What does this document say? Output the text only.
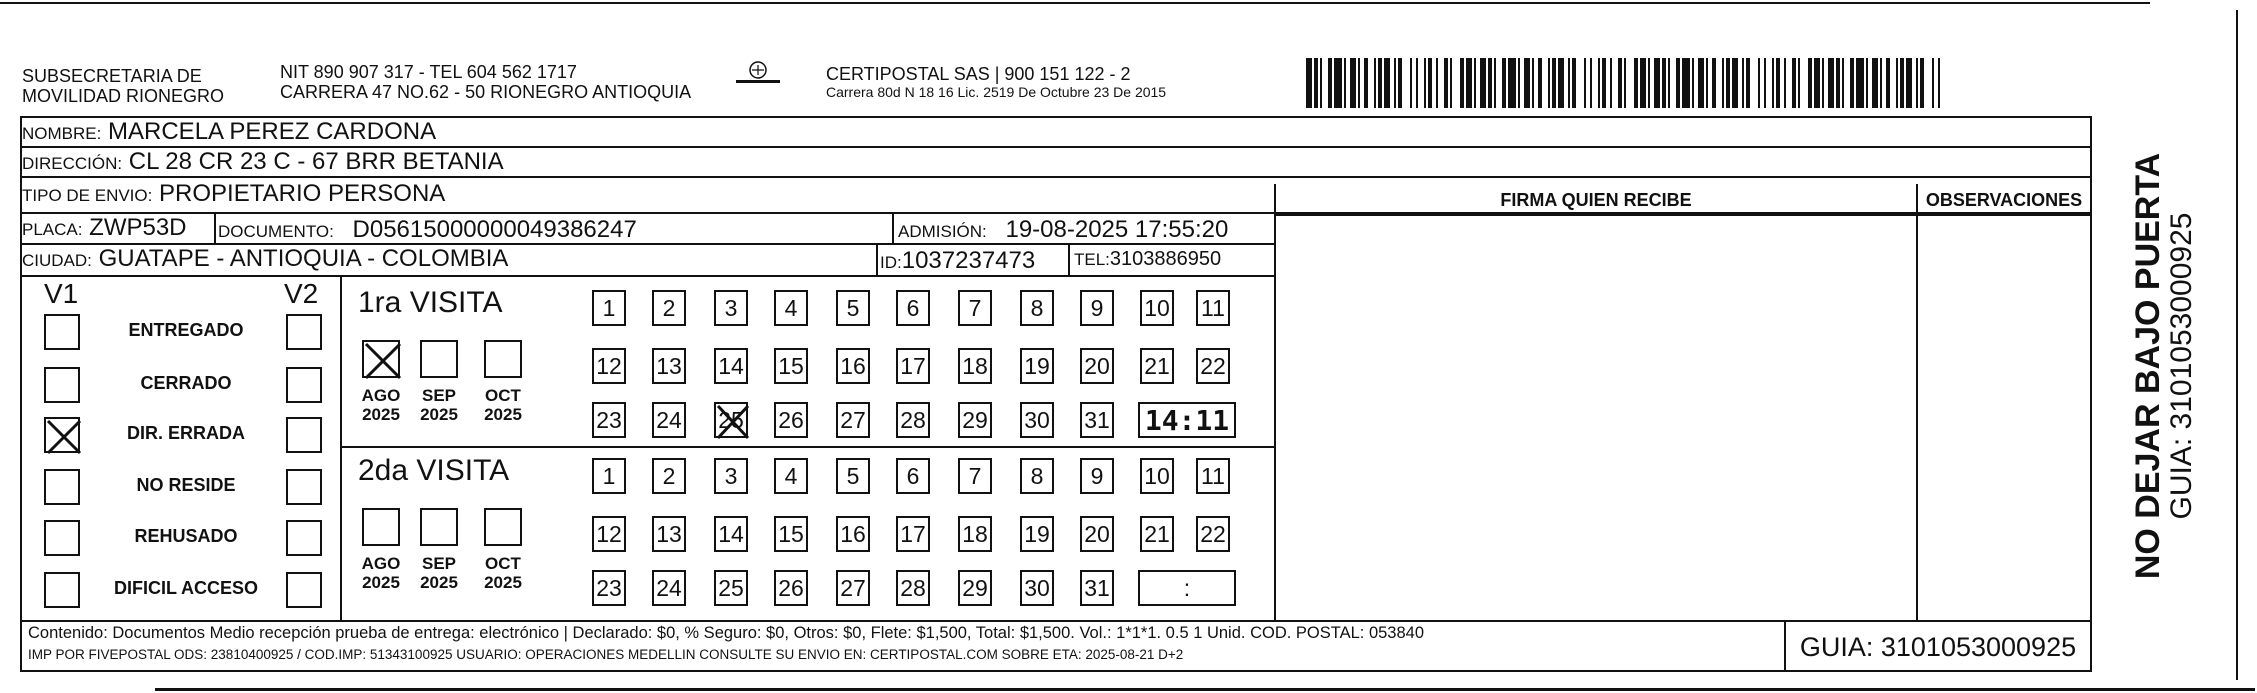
SUBSECRETARIA DE
MOVILIDAD RIONEGRO
NIT 890 907 317 - TEL 604 562 1717
CARRERA 47 NO.62 - 50 RIONEGRO ANTIOQUIA
CERTIPOSTAL SAS | 900 151 122 - 2
Carrera 80d N 18 16 Lic. 2519 De Octubre 23 De 2015
NOMBRE: MARCELA PEREZ CARDONA
DIRECCIÓN: CL 28 CR 23 C - 67 BRR BETANIA
TIPO DE ENVIO: PROPIETARIO PERSONA
PLACA: ZWP53D	DOCUMENTO: D05615000000049386247	ADMISIÓN: 19-08-2025 17:55:20
CIUDAD: GUATAPE - ANTIOQUIA - COLOMBIA	ID:1037237473 TEL:3103886950
FIRMA QUIEN RECIBE	OBSERVACIONES
V1	V2
ENTREGADO
CERRADO
DIR. ERRADA
NO RESIDE
REHUSADO
DIFICIL ACCESO
1ra VISITA
2da VISITA
AGO
2025
SEP
2025
OCT
2025
1	2	3	4	5	6	7	8	9	10 11
12 13 14 15 16 17 18 19 20 21 22
23 24 25 26 27 28 29 30 31 14:11
AGO
2025
SEP
2025
OCT
2025
1	2	3	4	5	6	7	8	9	10 11
12 13 14 15 16 17 18 19 20 21 22
23 24 25 26 27 28 29 30 31	:
Contenido: Documentos Medio recepción prueba de entrega: electrónico | Declarado: $0, % Seguro: $0, Otros: $0, Flete: $1,500, Total: $1,500. Vol.: 1*1*1. 0.5 1 Unid. COD. POSTAL: 053840
IMP POR FIVEPOSTAL ODS: 23810400925 / COD.IMP: 51343100925 USUARIO: OPERACIONES MEDELLIN CONSULTE SU ENVIO EN: CERTIPOSTAL.COM SOBRE ETA: 2025-08-21 D+2	GUIA: 3101053000925
NO DEJAR BAJO PUERTA
GUIA: 3101053000925
